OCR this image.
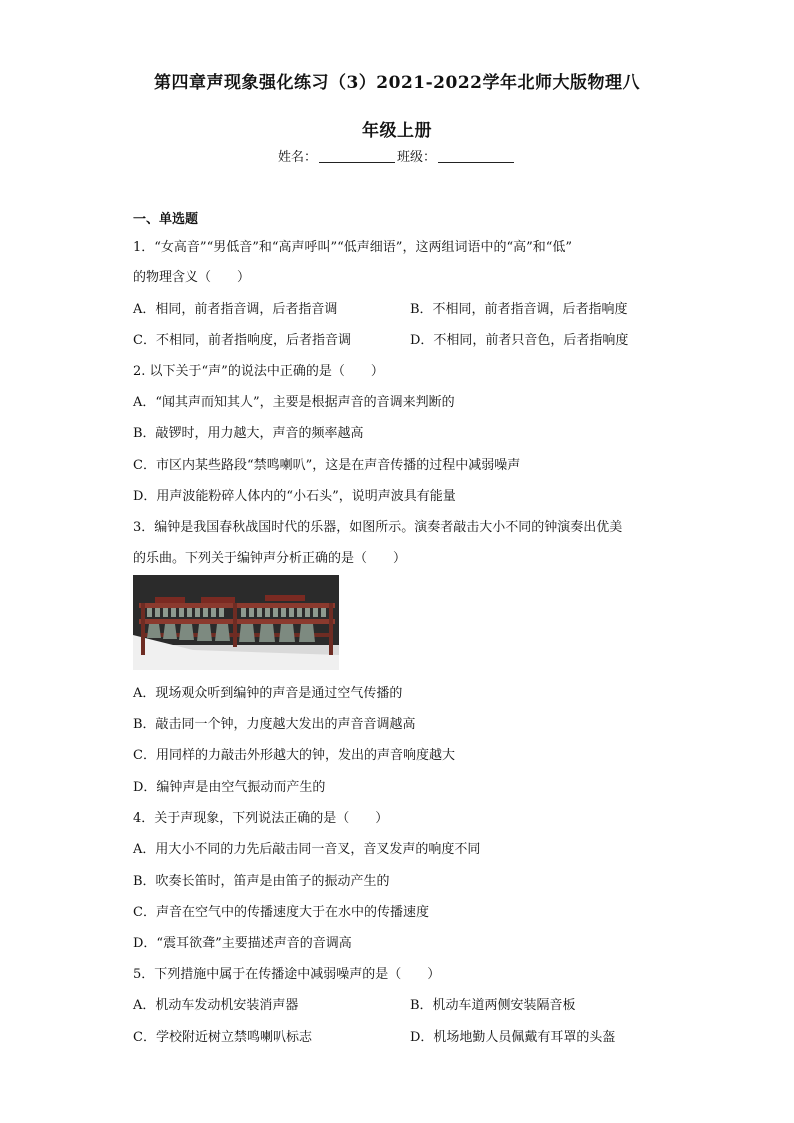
第四章声现象强化练习（3）2021-2022学年北师大版物理八
年级上册
姓名：	班级：
一、单选题
1．“女高音”“男低音”和“高声呼叫”“低声细语”，这两组词语中的“高”和“低”
的物理含义（　　）
A．相同，前者指音调，后者指音调	B．不相同，前者指音调，后者指响度
C．不相同，前者指响度，后者指音调	D．不相同，前者只音色，后者指响度
2. 以下关于“声”的说法中正确的是（　　）
A．“闻其声而知其人”，主要是根据声音的音调来判断的
B．敲锣时，用力越大，声音的频率越高
C．市区内某些路段“禁鸣喇叭”，这是在声音传播的过程中减弱噪声
D．用声波能粉碎人体内的“小石头”，说明声波具有能量
3．编钟是我国春秋战国时代的乐器，如图所示。演奏者敲击大小不同的钟演奏出优美
的乐曲。下列关于编钟声分析正确的是（　　）
A．现场观众听到编钟的声音是通过空气传播的
B．敲击同一个钟，力度越大发出的声音音调越高
C．用同样的力敲击外形越大的钟，发出的声音响度越大
D．编钟声是由空气振动而产生的
4．关于声现象，下列说法正确的是（　　）
A．用大小不同的力先后敲击同一音叉，音叉发声的响度不同
B．吹奏长笛时，笛声是由笛子的振动产生的
C．声音在空气中的传播速度大于在水中的传播速度
D．“震耳欲聋”主要描述声音的音调高
5．下列措施中属于在传播途中减弱噪声的是（　　）
A．机动车发动机安装消声器	B．机动车道两侧安装隔音板
C．学校附近树立禁鸣喇叭标志	D．机场地勤人员佩戴有耳罩的头盔
